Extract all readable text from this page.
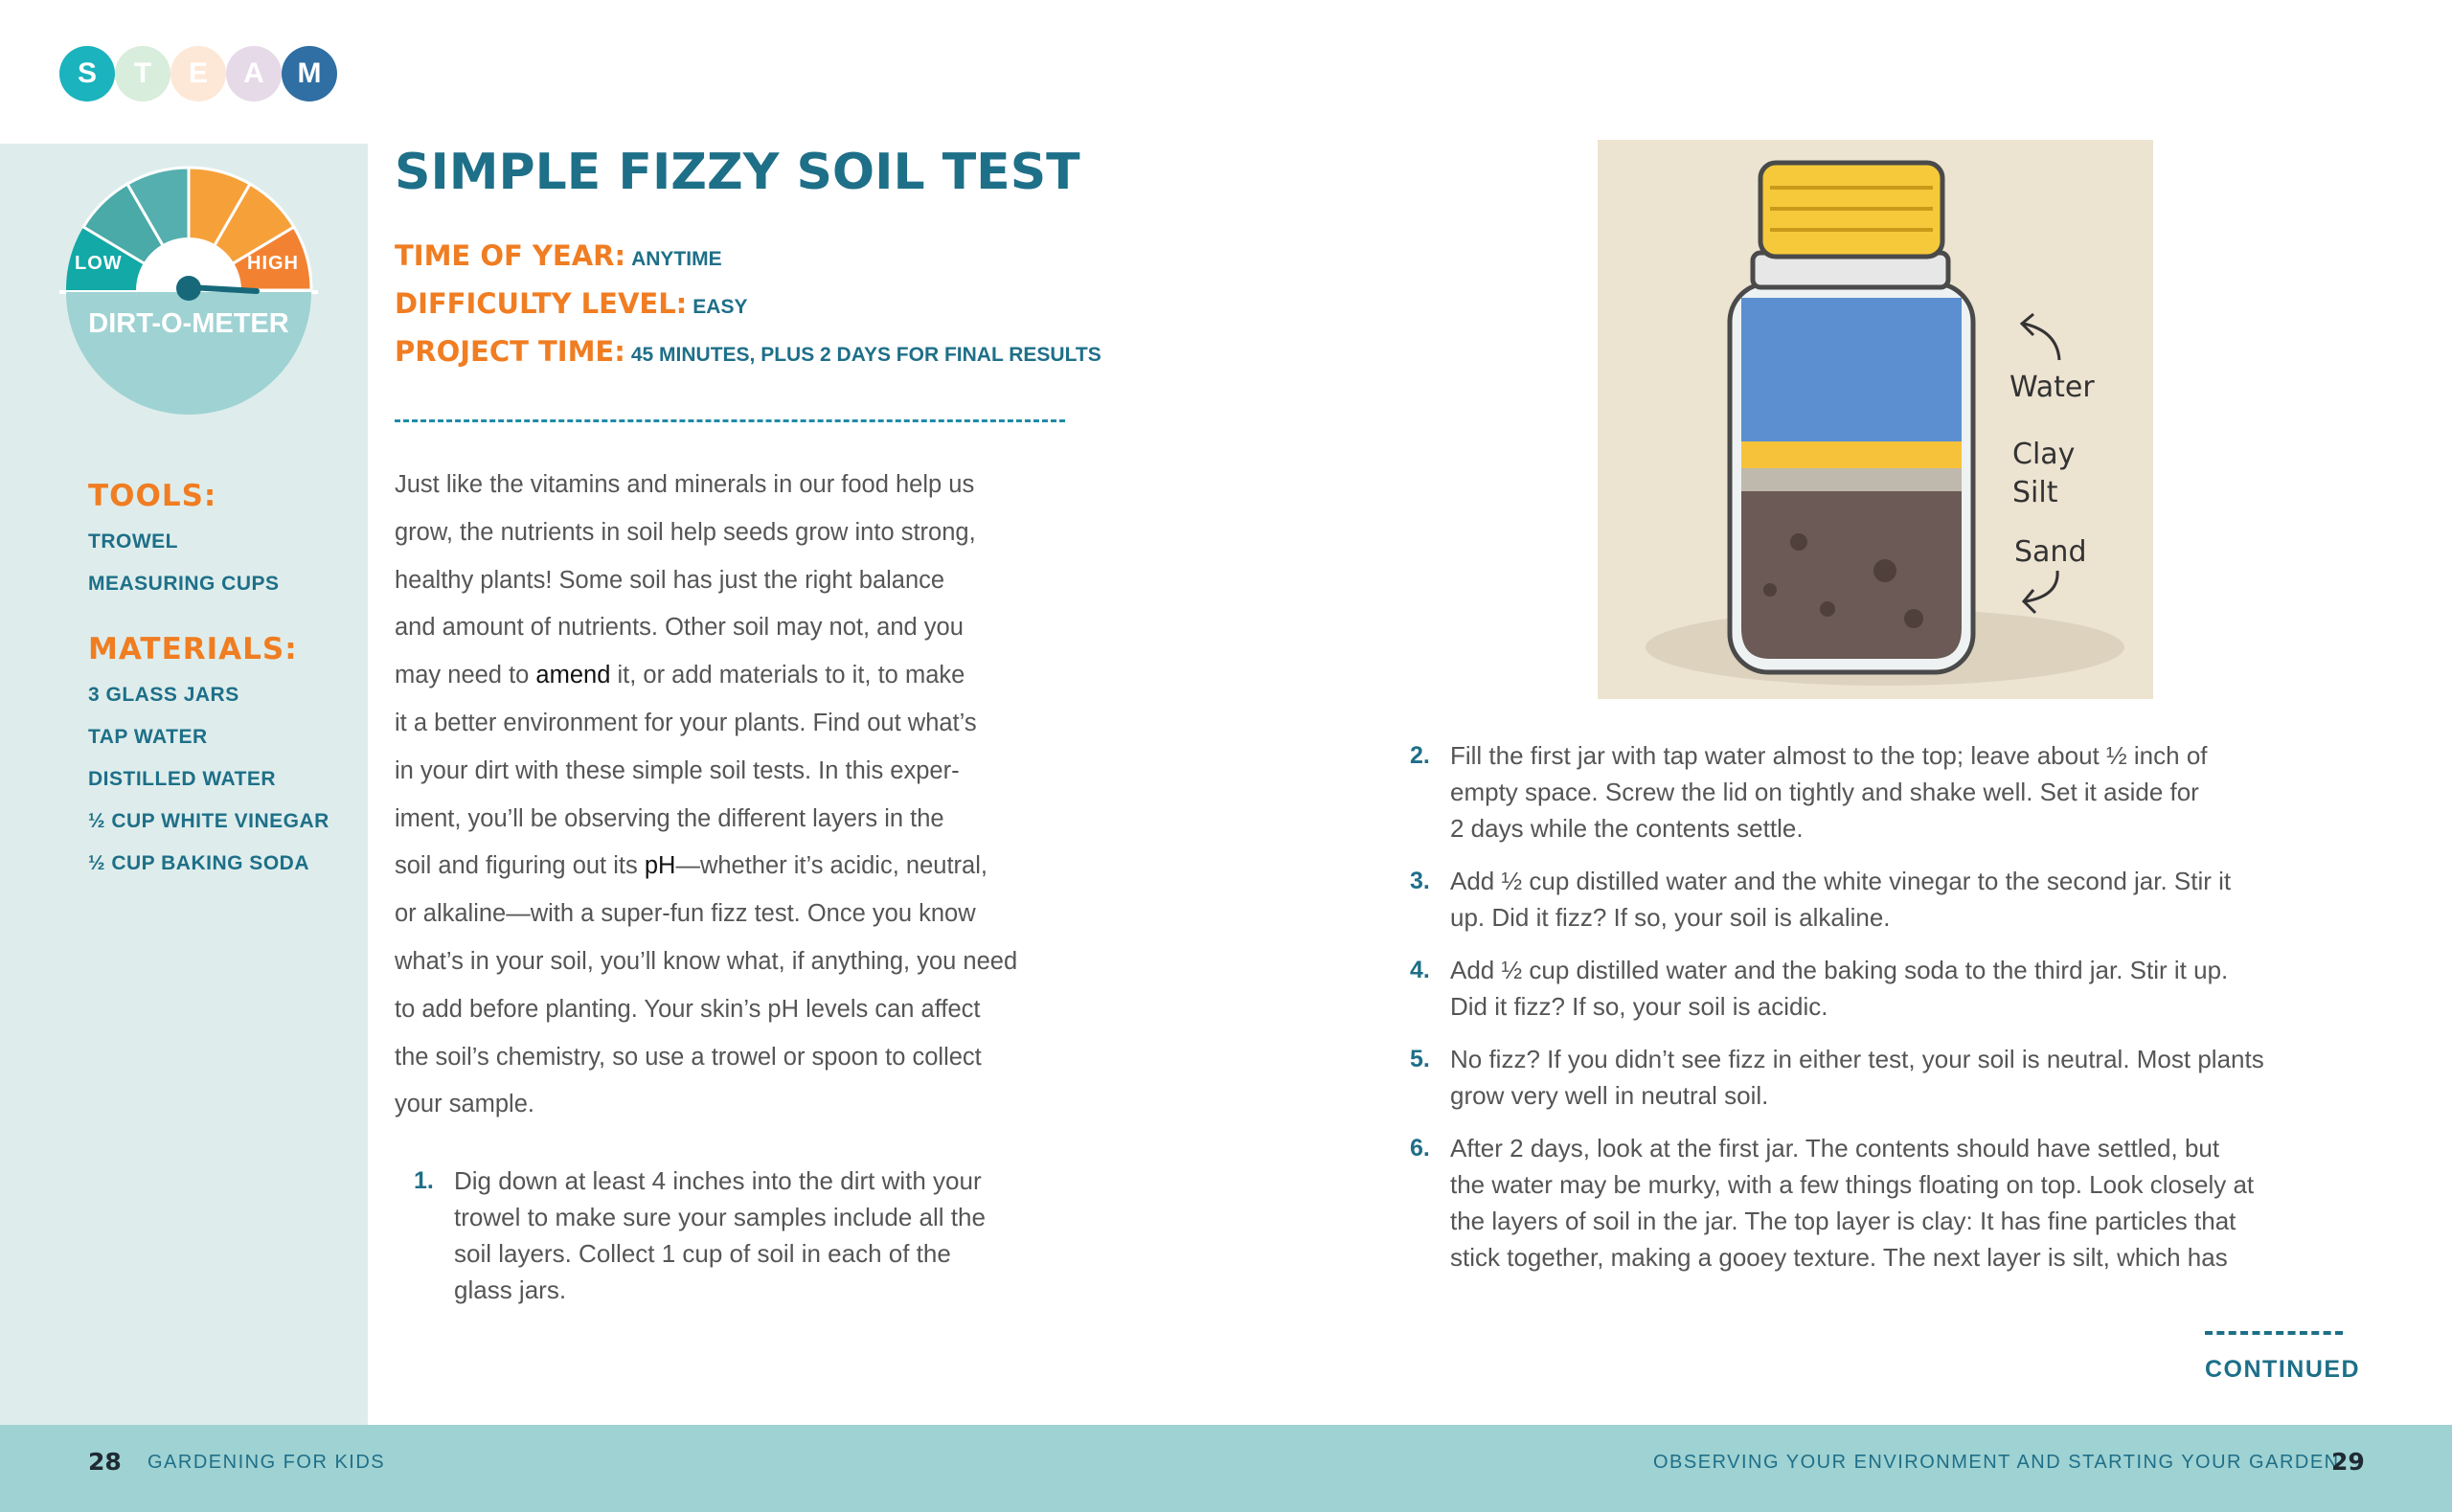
S	T	E	A	M
LOW	HIGH
DIRT-O-METER
TOOLS:
TROWEL
MEASURING CUPS
MATERIALS:
3 GLASS JARS
TAP WATER
DISTILLED WATER
½ CUP WHITE VINEGAR
½ CUP BAKING SODA
SIMPLE FIZZY SOIL TEST
TIME OF YEAR: ANYTIME
DIFFICULTY LEVEL: EASY
PROJECT TIME: 45 MINUTES, PLUS 2 DAYS FOR FINAL RESULTS
Just like the vitamins and minerals in our food help us
grow, the nutrients in soil help seeds grow into strong,
healthy plants! Some soil has just the right balance
and amount of nutrients. Other soil may not, and you
may need to amend it, or add materials to it, to make
it a better environment for your plants. Find out what’s
in your dirt with these simple soil tests. In this exper-
iment, you’ll be observing the different layers in the
soil and figuring out its pH—whether it’s acidic, neutral,
or alkaline—with a super-fun fizz test. Once you know
what’s in your soil, you’ll know what, if anything, you need
to add before planting. Your skin’s pH levels can affect
the soil’s chemistry, so use a trowel or spoon to collect
your sample.
1. Dig down at least 4 inches into the dirt with your
trowel to make sure your samples include all the
soil layers. Collect 1 cup of soil in each of the
glass jars.
Water
Clay
Silt
Sand
2. Fill the first jar with tap water almost to the top; leave about ½ inch of
empty space. Screw the lid on tightly and shake well. Set it aside for
2 days while the contents settle.
3. Add ½ cup distilled water and the white vinegar to the second jar. Stir it
up. Did it fizz? If so, your soil is alkaline.
4. Add ½ cup distilled water and the baking soda to the third jar. Stir it up.
Did it fizz? If so, your soil is acidic.
5. No fizz? If you didn’t see fizz in either test, your soil is neutral. Most plants
grow very well in neutral soil.
6. After 2 days, look at the first jar. The contents should have settled, but
the water may be murky, with a few things floating on top. Look closely at
the layers of soil in the jar. The top layer is clay: It has fine particles that
stick together, making a gooey texture. The next layer is silt, which has
CONTINUED
28 GARDENING FOR KIDS	OBSERVING YOUR ENVIRONMENT AND STARTING YOUR GARDEN
29
